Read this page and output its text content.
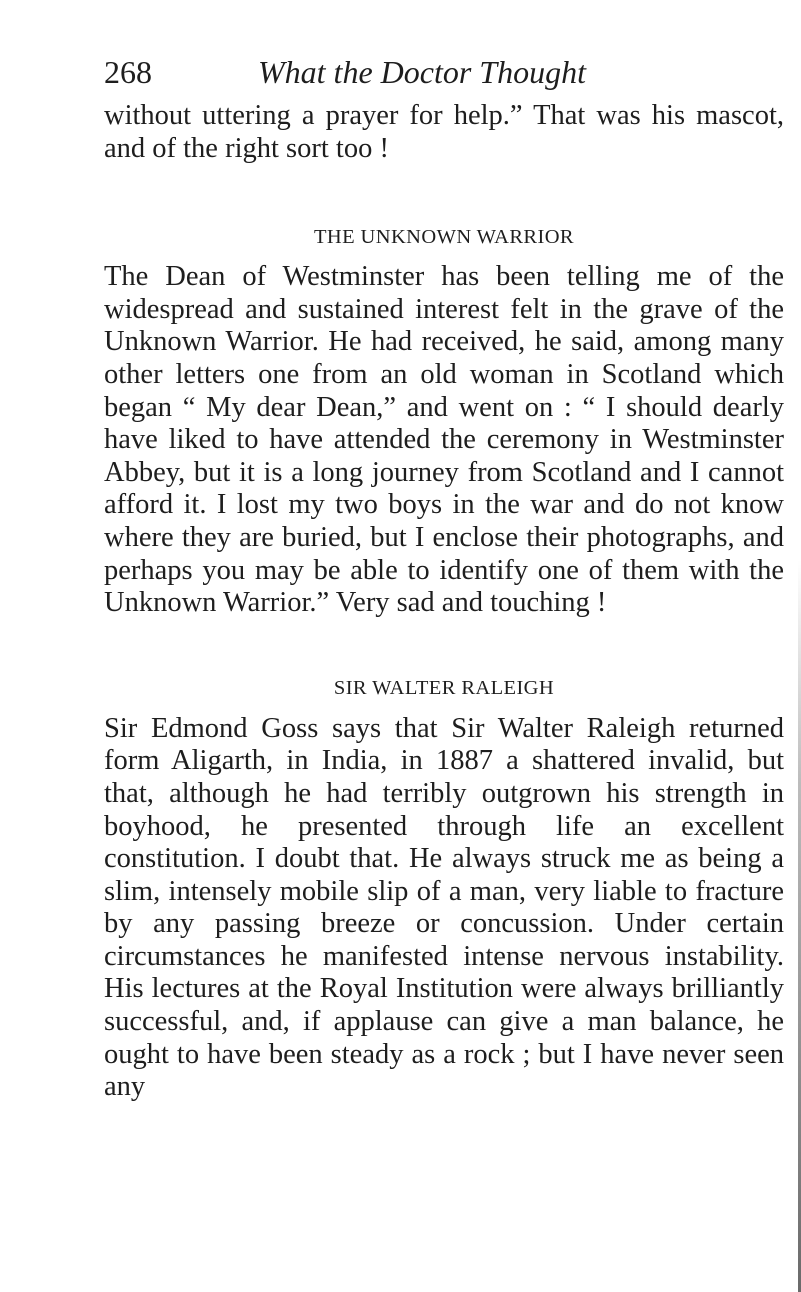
268	What the Doctor Thought

without uttering a prayer for help.” That was his mascot, and of the right sort too !

THE UNKNOWN WARRIOR

The Dean of Westminster has been telling me of the widespread and sustained interest felt in the grave of the Unknown Warrior. He had received, he said, among many other letters one from an old woman in Scotland which began “ My dear Dean,” and went on : “ I should dearly have liked to have attended the ceremony in Westminster Abbey, but it is a long journey from Scotland and I cannot afford it. I lost my two boys in the war and do not know where they are buried, but I enclose their photographs, and perhaps you may be able to identify one of them with the Unknown Warrior.” Very sad and touching !

SIR WALTER RALEIGH

Sir Edmond Goss says that Sir Walter Raleigh returned form Aligarth, in India, in 1887 a shattered invalid, but that, although he had terribly outgrown his strength in boyhood, he presented through life an excellent constitution. I doubt that. He always struck me as being a slim, intensely mobile slip of a man, very liable to fracture by any passing breeze or concussion. Under certain circumstances he manifested intense nervous instability. His lectures at the Royal Institution were always brilliantly successful, and, if applause can give a man balance, he ought to have been steady as a rock ; but I have never seen any
